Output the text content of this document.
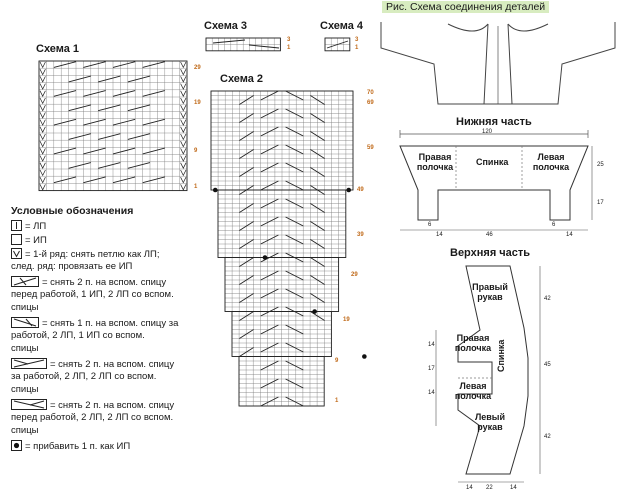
Схема 1
29
19
9
1
Схема 3
3
1
Схема 4
3
1
Схема 2
70
69
59
49
39
29
19
9
1
Условные обозначения
= ЛП
= ИП
= 1-й ряд: снять петлю как ЛП;
след. ряд: провязать ее ИП
= снять 2 п. на вспом. спицу
перед работой, 1 ИП, 2 ЛП со вспом.
спицы
= снять 1 п. на вспом. спицу за
работой, 2 ЛП, 1 ИП со вспом.
спицы
= снять 2 п. на вспом. спицу
за работой, 2 ЛП, 2 ЛП со вспом.
спицы
= снять 2 п. на вспом. спицу
перед работой, 2 ЛП, 2 ЛП со вспом.
спицы
= прибавить 1 п. как ИП
Рис. Схема соединения деталей
Нижняя часть
120
25
17
14	46	14
6	6
Правая полочка	Спинка	Левая полочка
Верхняя часть
Правый рукав
Правая полочка
Левая полочка
Левый рукав
Спинка
42
45
42
14
17
14
14 22	14
